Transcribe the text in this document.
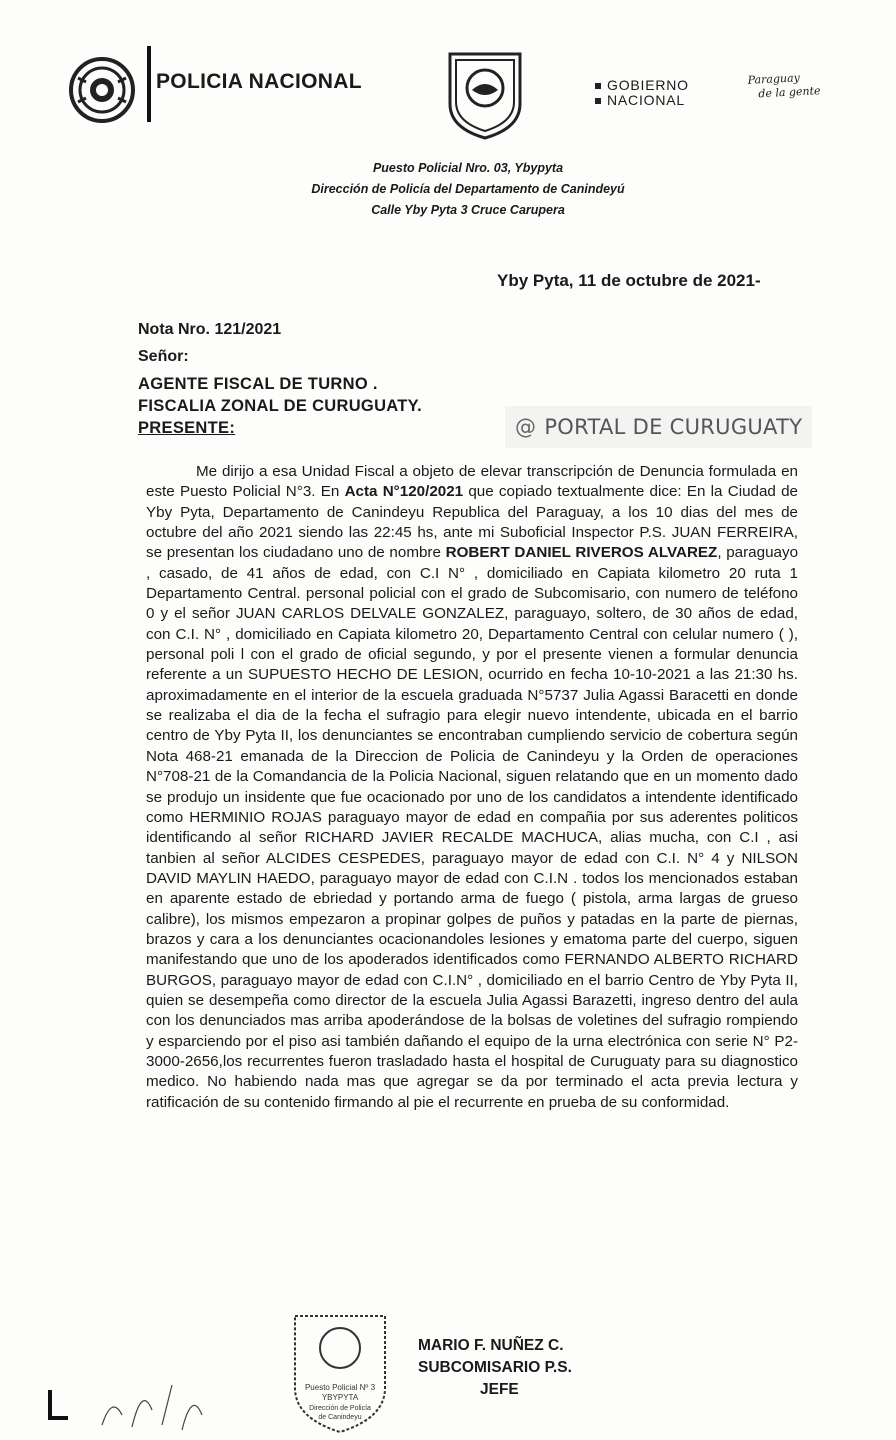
POLICIA NACIONAL	GOBIERNO
NACIONAL
Paraguay
de la gente
Puesto Policial Nro. 03, Ybypyta
Dirección de Policía del Departamento de Canindeyú
Calle Yby Pyta 3 Cruce Carupera
Yby Pyta, 11 de octubre de 2021-
Nota Nro. 121/2021
Señor:
AGENTE FISCAL DE TURNO .
FISCALIA ZONAL DE CURUGUATY.
PRESENTE:	@ PORTAL DE CURUGUATY

Me dirijo a esa Unidad Fiscal a objeto de elevar transcripción de Denuncia formulada en este Puesto Policial N°3. En Acta N°120/2021 que copiado textualmente dice: En la Ciudad de Yby Pyta, Departamento de Canindeyu Republica del Paraguay, a los 10 dias del mes de octubre del año 2021 siendo las 22:45 hs, ante mi Suboficial Inspector P.S. JUAN FERREIRA, se presentan los ciudadano uno de nombre ROBERT DANIEL RIVEROS ALVAREZ, paraguayo , casado, de 41 años de edad, con C.I N° , domiciliado en Capiata kilometro 20 ruta 1 Departamento Central. personal policial con el grado de Subcomisario, con numero de teléfono 0 y el señor JUAN CARLOS DELVALE GONZALEZ, paraguayo, soltero, de 30 años de edad, con C.I. N° , domiciliado en Capiata kilometro 20, Departamento Central con celular numero ( ), personal poli l con el grado de oficial segundo, y por el presente vienen a formular denuncia referente a un SUPUESTO HECHO DE LESION, ocurrido en fecha 10-10-2021 a las 21:30 hs. aproximadamente en el interior de la escuela graduada N°5737 Julia Agassi Baracetti en donde se realizaba el dia de la fecha el sufragio para elegir nuevo intendente, ubicada en el barrio centro de Yby Pyta II, los denunciantes se encontraban cumpliendo servicio de cobertura según Nota 468-21 emanada de la Direccion de Policia de Canindeyu y la Orden de operaciones N°708-21 de la Comandancia de la Policia Nacional, siguen relatando que en un momento dado se produjo un insidente que fue ocacionado por uno de los candidatos a intendente identificado como HERMINIO ROJAS paraguayo mayor de edad en compañia por sus aderentes politicos identificando al señor RICHARD JAVIER RECALDE MACHUCA, alias mucha, con C.I , asi tanbien al señor ALCIDES CESPEDES, paraguayo mayor de edad con C.I. N° 4 y NILSON DAVID MAYLIN HAEDO, paraguayo mayor de edad con C.I.N . todos los mencionados estaban en aparente estado de ebriedad y portando arma de fuego ( pistola, arma largas de grueso calibre), los mismos empezaron a propinar golpes de puños y patadas en la parte de piernas, brazos y cara a los denunciantes ocacionandoles lesiones y ematoma parte del cuerpo, siguen manifestando que uno de los apoderados identificados como FERNANDO ALBERTO RICHARD BURGOS, paraguayo mayor de edad con C.I.N° , domiciliado en el barrio Centro de Yby Pyta II, quien se desempeña como director de la escuela Julia Agassi Barazetti, ingreso dentro del aula con los denunciados mas arriba apoderándose de la bolsas de voletines del sufragio rompiendo y esparciendo por el piso asi también dañando el equipo de la urna electrónica con serie N° P2-3000-2656,los recurrentes fueron trasladado hasta el hospital de Curuguaty para su diagnostico medico. No habiendo nada mas que agregar se da por terminado el acta previa lectura y ratificación de su contenido firmando al pie el recurrente en prueba de su conformidad.

Puesto Policial Nº 3
YBYPYTA
Dirección de Policía
de Canindeyu
MARIO F. NUÑEZ C.
SUBCOMISARIO P.S.
JEFE
